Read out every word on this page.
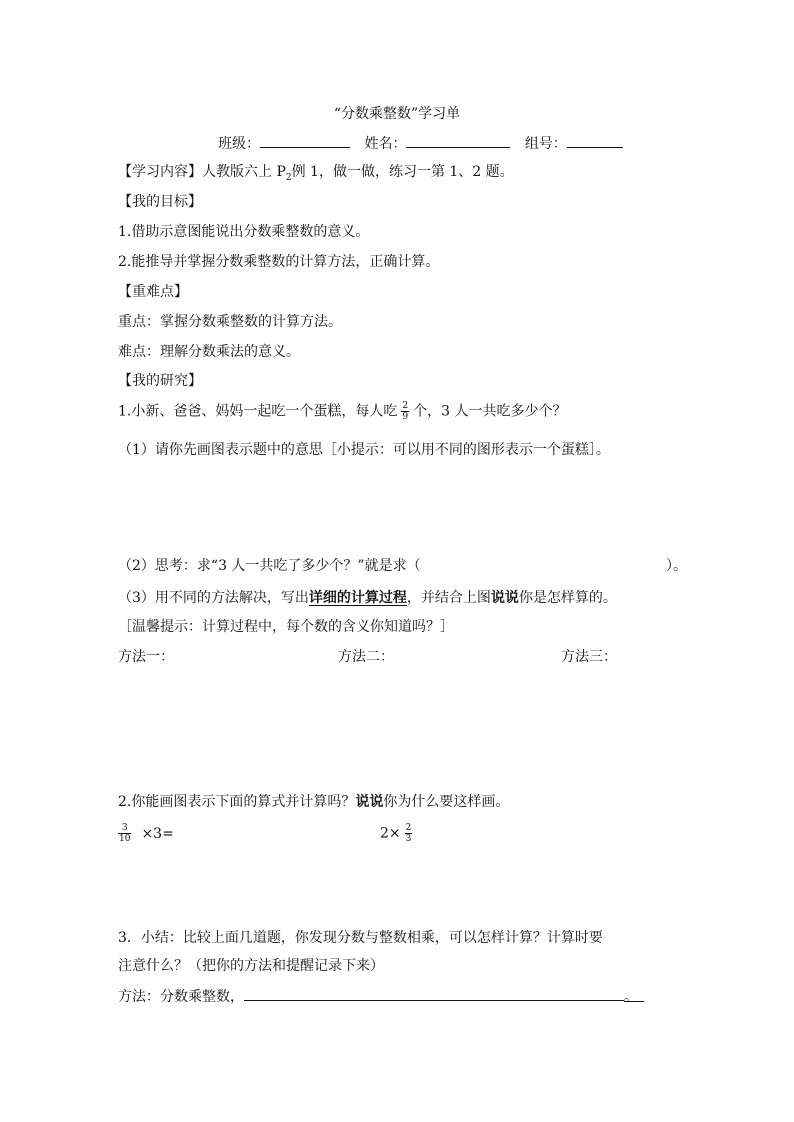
“分数乘整数”学习单
班级：	姓名：	组号：
【学习内容】人教版六上 $P_2$例 1，做一做，练习一第 1、2 题。
【我的目标】
1.借助示意图能说出分数乘整数的意义。
2.能推导并掌握分数乘整数的计算方法，正确计算。
【重难点】
重点：掌握分数乘整数的计算方法。
难点：理解分数乘法的意义。
【我的研究】
1.小新、爸爸、妈妈一起吃一个蛋糕，每人吃 $\frac{2}{9}$ 个，3 人一共吃多少个？
（1）请你先画图表示题中的意思［小提示：可以用不同的图形表示一个蛋糕］。
（2）思考：求“3 人一共吃了多少个？”就是求（	）。
（3）用不同的方法解决，写出详细的计算过程，并结合上图说说你是怎样算的。
［温馨提示：计算过程中，每个数的含义你知道吗？］
方法一：	方法二：	方法三：
2.你能画图表示下面的算式并计算吗？说说你为什么要这样画。
$\frac{3}{10} \times 3=$	$2\times \frac{2}{3}$
3．小结：比较上面几道题，你发现分数与整数相乘，可以怎样计算？计算时要
注意什么？（把你的方法和提醒记录下来）
方法：分数乘整数，	。
